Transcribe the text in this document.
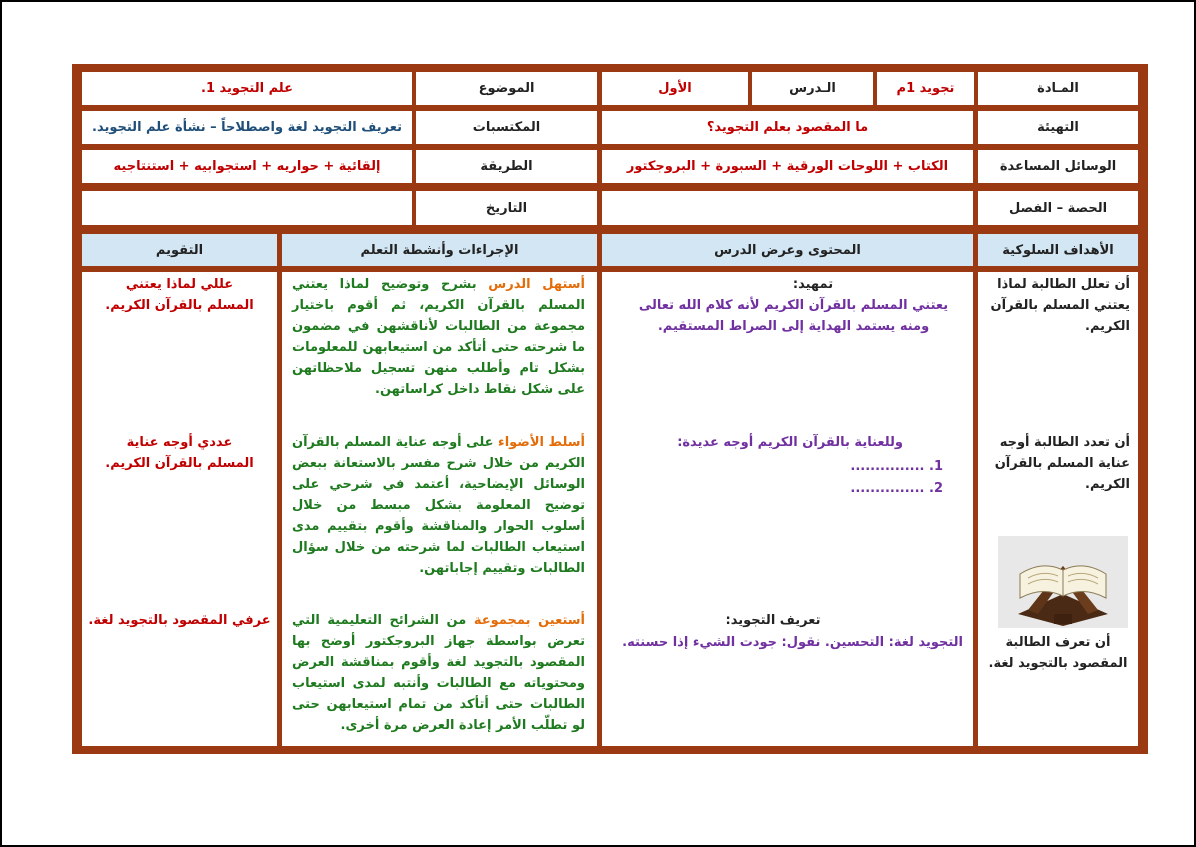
المـادة
تجويد 1م
الـدرس
الأول
الموضوع
علم التجويد 1.
التهيئة
ما المقصود بعلم التجويد؟
المكتسبات
تعريف التجويد لغة واصطلاحاً – نشأة علم التجويد.
الوسائل المساعدة
الكتاب + اللوحات الورقية + السبورة + البروجكتور
الطريقة
إلقائية + حواريه + استجوابيه + استنتاجيه
الحصة – الفصل
التاريخ
الأهداف السلوكية
المحتوى وعرض الدرس
الإجراءات وأنشطة التعلم
التقويم
أن تعلل الطالبة لماذا يعتني المسلم بالقرآن الكريم.
أن تعدد الطالبة أوجه عناية المسلم بالقرآن الكريم.
أن تعرف الطالبة المقصود بالتجويد لغة.
تمهيد:
يعتني المسلم بالقرآن الكريم لأنه كلام الله تعالى ومنه يستمد الهداية إلى الصراط المستقيم.
وللعناية بالقرآن الكريم أوجه عديدة:
1. ...............
2. ...............
تعريف التجويد:
التجويد لغة: التحسين. نقول: جودت الشيء إذا حسنته.
أستهل الدرس بشرح وتوضيح لماذا يعتني المسلم بالقرآن الكريم، ثم أقوم باختيار مجموعة من الطالبات لأناقشهن في مضمون ما شرحته حتى أتأكد من استيعابهن للمعلومات بشكل تام وأطلب منهن تسجيل ملاحظاتهن على شكل نقاط داخل كراساتهن.
أسلط الأضواء على أوجه عناية المسلم بالقرآن الكريم من خلال شرح مفسر بالاستعانة ببعض الوسائل الإيضاحية، أعتمد في شرحي على توضيح المعلومة بشكل مبسط من خلال أسلوب الحوار والمناقشة وأقوم بتقييم مدى استيعاب الطالبات لما شرحته من خلال سؤال الطالبات وتقييم إجاباتهن.
أستعين بمجموعة من الشرائح التعليمية التي تعرض بواسطة جهاز البروجكتور أوضح بها المقصود بالتجويد لغة وأقوم بمناقشة العرض ومحتوياته مع الطالبات وأنتبه لمدى استيعاب الطالبات حتى أتأكد من تمام استيعابهن حتى لو تطلّب الأمر إعادة العرض مرة أخرى.
عللي لماذا يعتني المسلم بالقرآن الكريم.
عددي أوجه عناية المسلم بالقرآن الكريم.
عرفي المقصود بالتجويد لغة.
